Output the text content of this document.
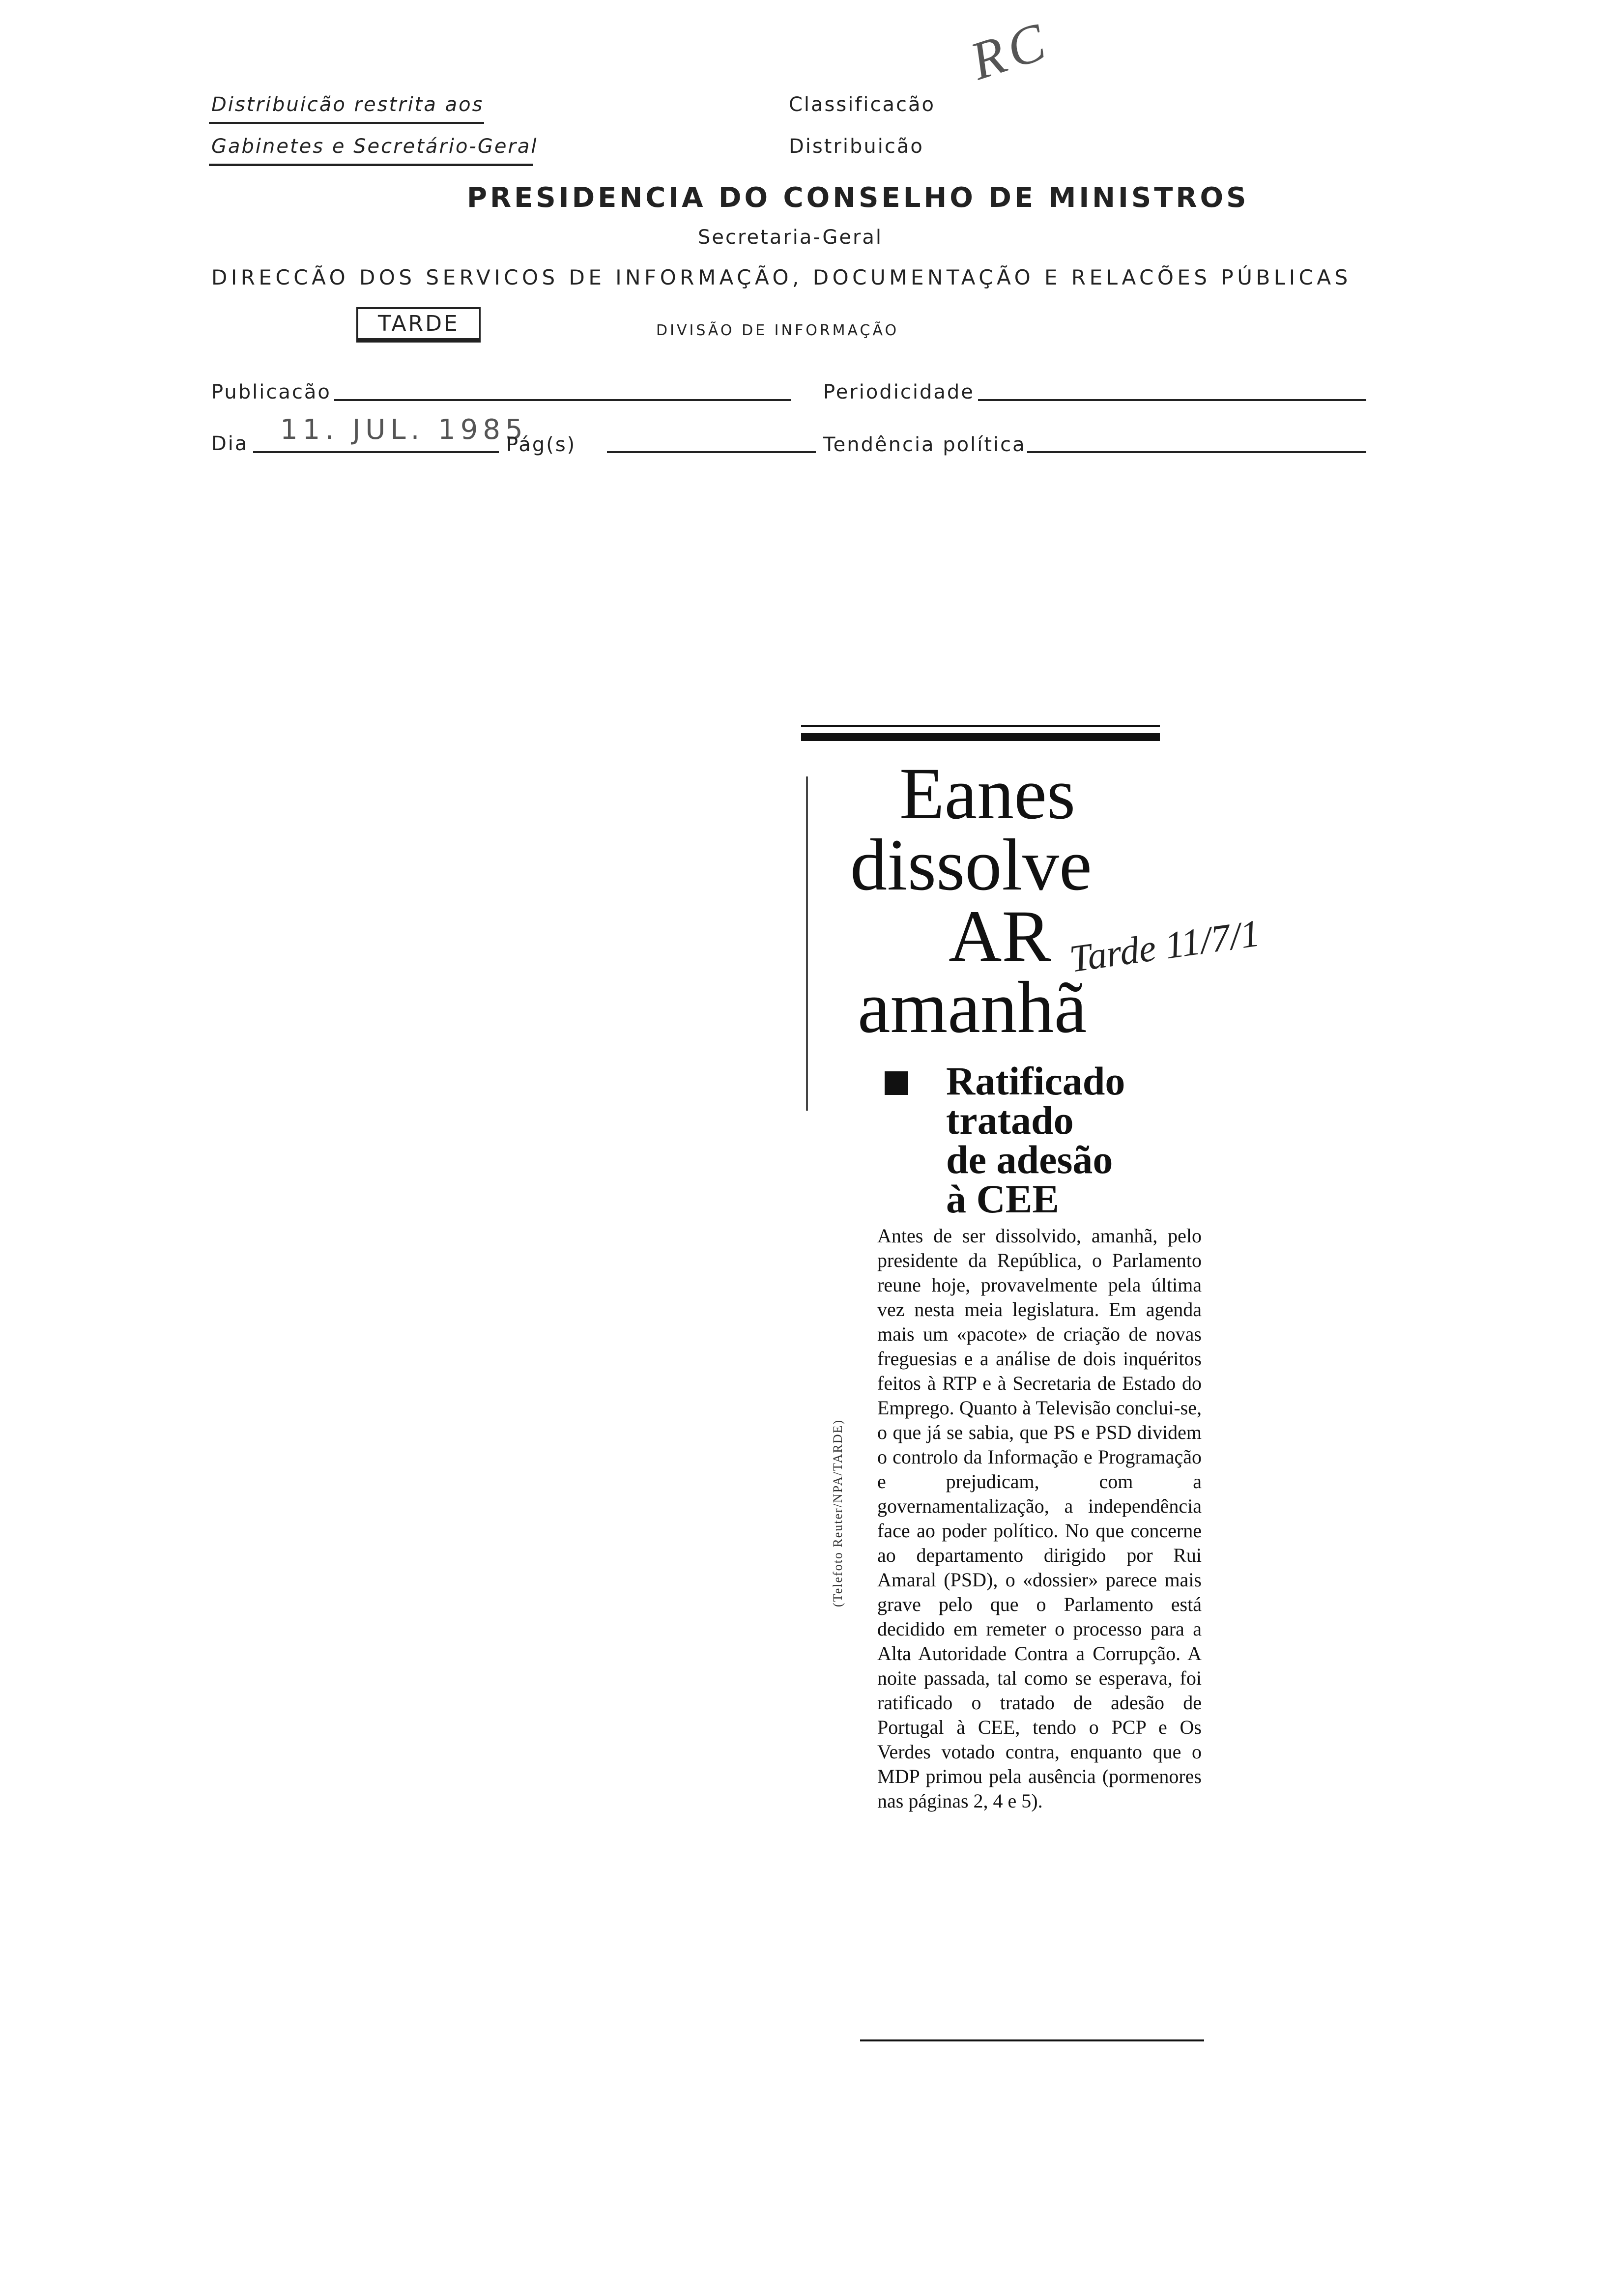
RC
Distribuicão restrita aos
Gabinetes e Secretário-Geral
Classificacão
Distribuicão
PRESIDENCIA DO CONSELHO DE MINISTROS
Secretaria-Geral
DIRECCÃO DOS SERVICOS DE INFORMAÇÃO, DOCUMENTAÇÃO E RELACÕES PÚBLICAS
TARDE	DIVISÃO DE INFORMAÇÃO
Publicacão	Periodicidade
Dia 11. JUL. 1985
Pág(s)	Tendência política
Eanes
dissolve
AR
amanhã
Tarde 11/7/1
Ratificado
tratado
de adesão
à CEE
(Telefoto Reuter/NPA/TARDE)
Antes de ser dissolvido, amanhã, pelo presidente da República, o Parlamento reune hoje, provavelmente pela última vez nesta meia legislatura. Em agenda mais um «pacote» de criação de novas freguesias e a análise de dois inquéritos feitos à RTP e à Secretaria de Estado do Emprego. Quanto à Televisão conclui-se, o que já se sabia, que PS e PSD dividem o controlo da Informação e Programação e prejudicam, com a governamentalização, a independência face ao poder político. No que concerne ao departamento dirigido por Rui Amaral (PSD), o «dossier» parece mais grave pelo que o Parlamento está decidido em remeter o processo para a Alta Autoridade Contra a Corrupção. A noite passada, tal como se esperava, foi ratificado o tratado de adesão de Portugal à CEE, tendo o PCP e Os Verdes votado contra, enquanto que o MDP primou pela ausência (pormenores nas páginas 2, 4 e 5).
